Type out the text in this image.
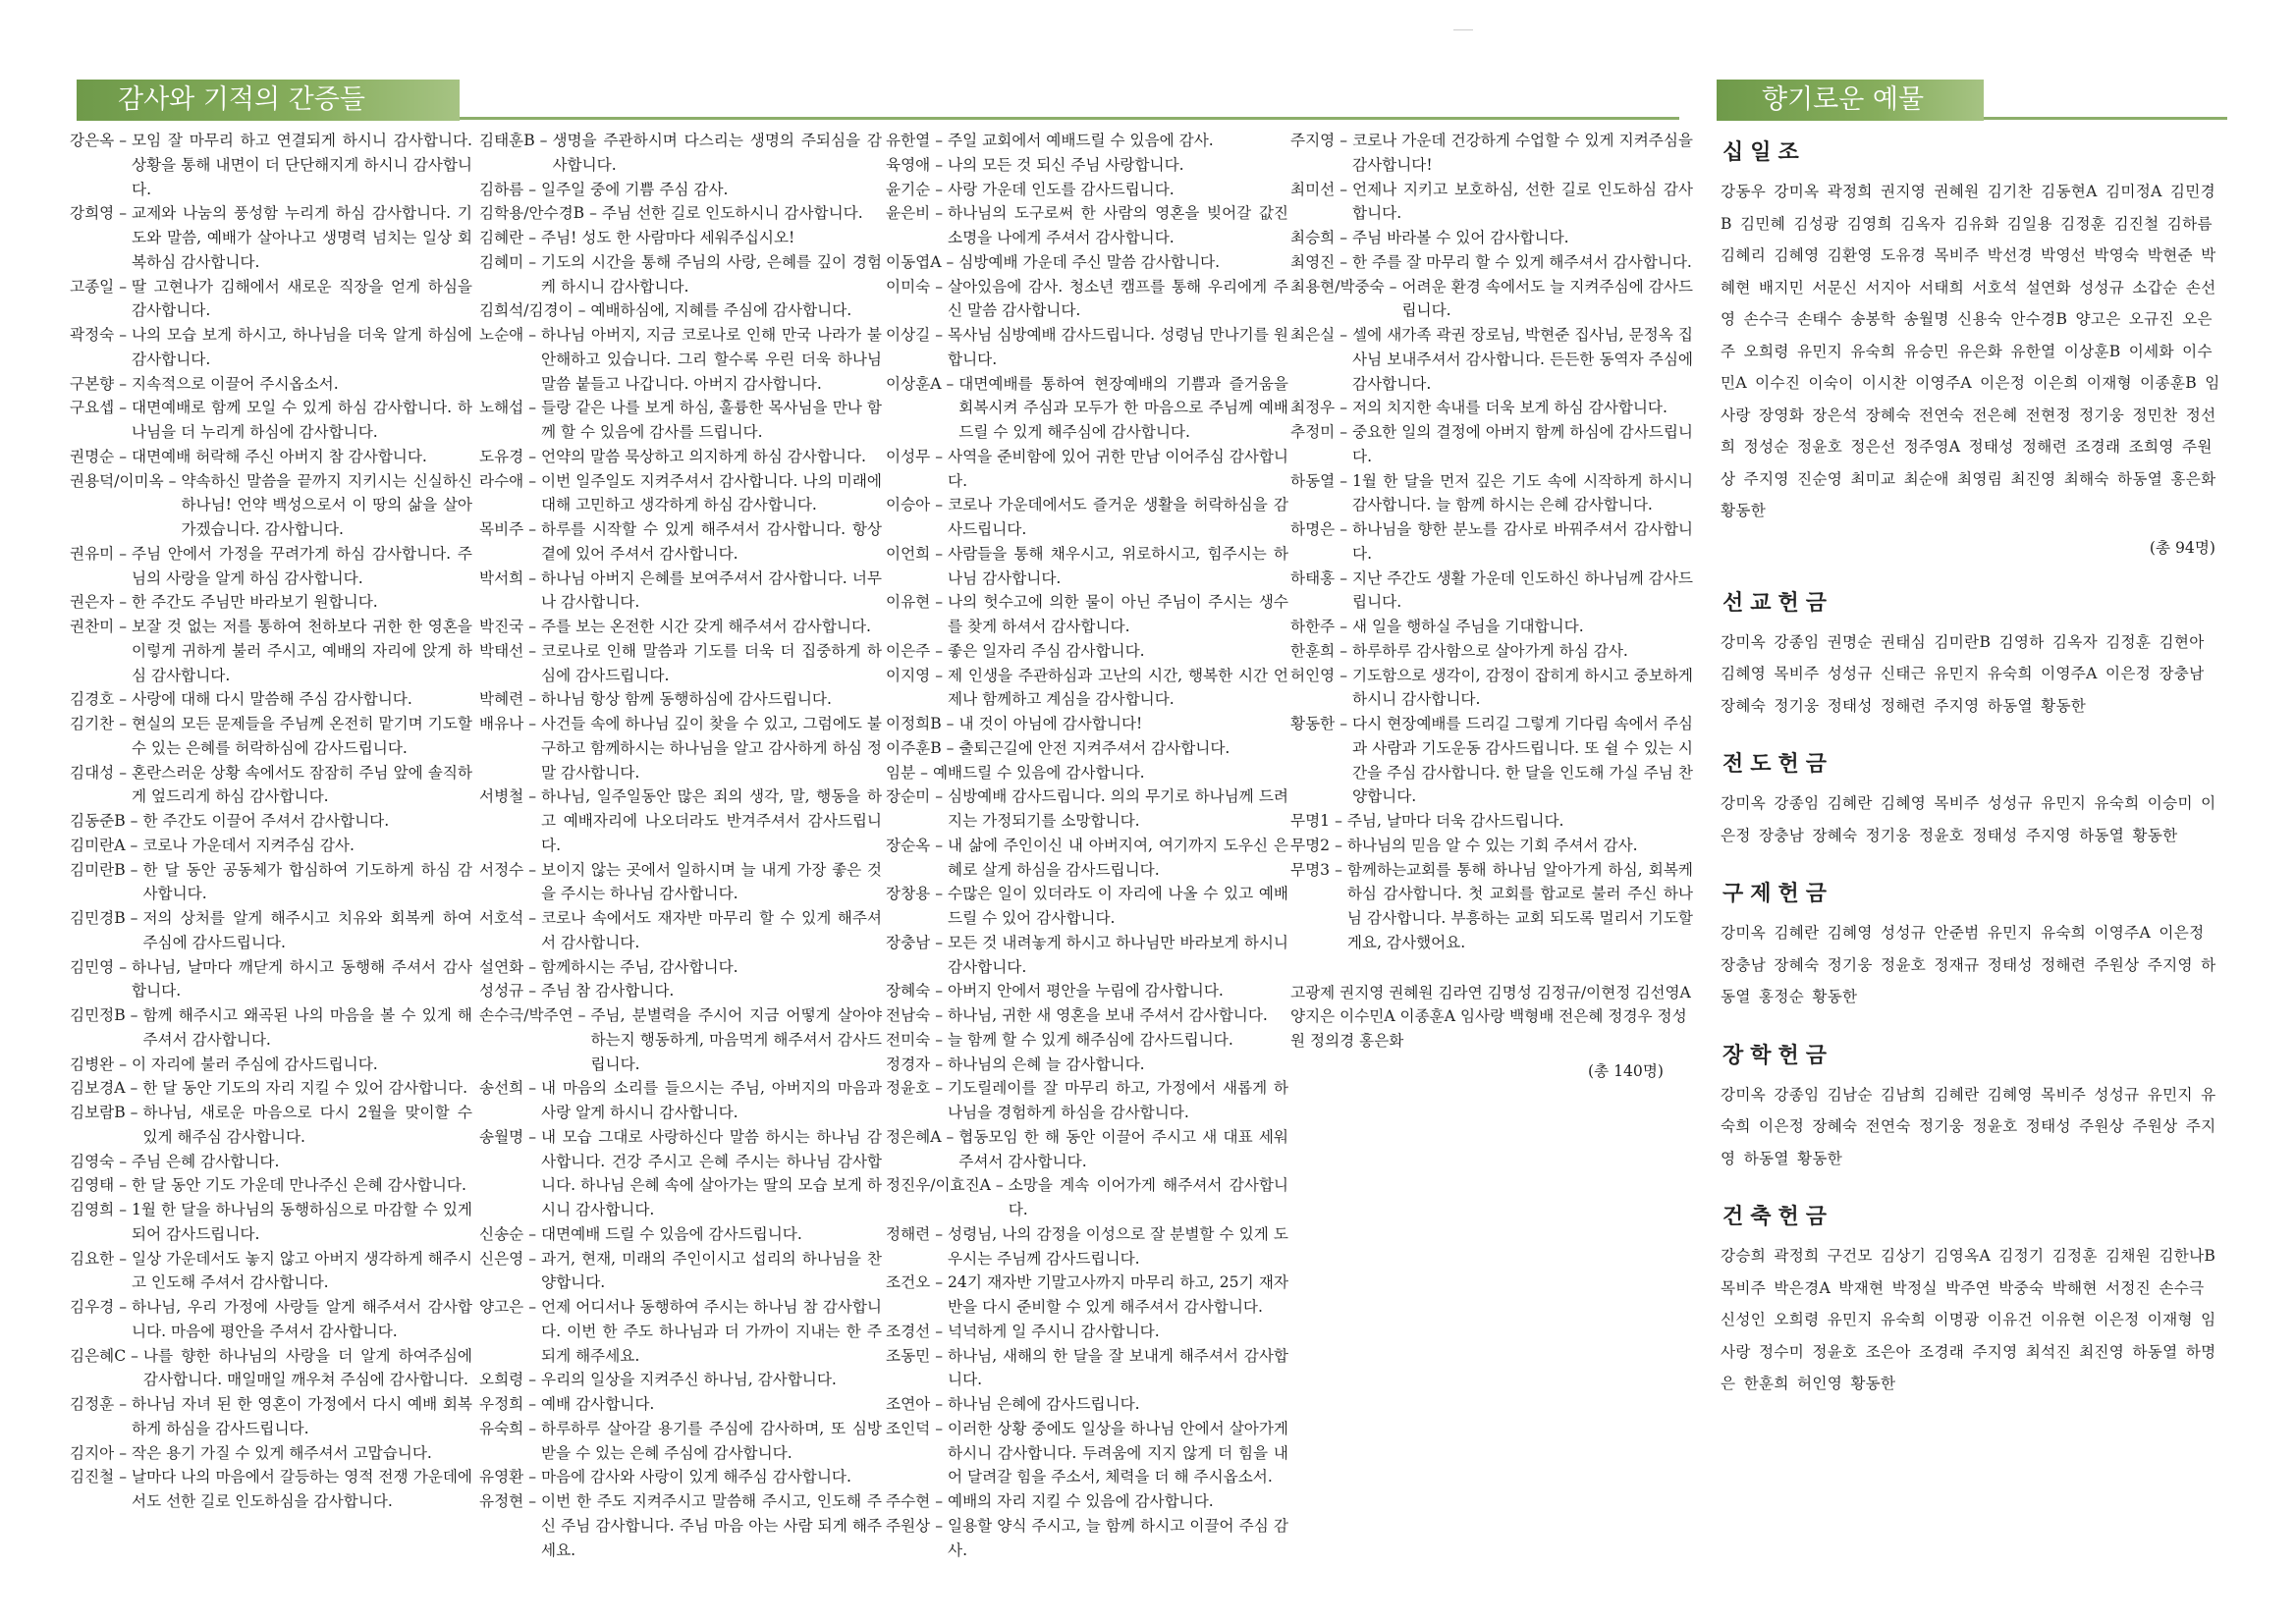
감사와 기적의 간증들	향기로운 예물
강은옥 – 모임 잘 마무리 하고 연결되게 하시니 감사합니다. 상황을 통해 내면이 더 단단해지게 하시니 감사합니다.
강희영 – 교제와 나눔의 풍성함 누리게 하심 감사합니다. 기도와 말씀, 예배가 살아나고 생명력 넘치는 일상 회복하심 감사합니다.
고종일 – 딸 고현나가 김해에서 새로운 직장을 얻게 하심을 감사합니다.
곽정숙 – 나의 모습 보게 하시고, 하나님을 더욱 알게 하심에 감사합니다.
구본향 – 지속적으로 이끌어 주시옵소서.
구요셉 – 대면예배로 함께 모일 수 있게 하심 감사합니다. 하나님을 더 누리게 하심에 감사합니다.
권명순 – 대면예배 허락해 주신 아버지 참 감사합니다.
권용덕/이미옥 – 약속하신 말씀을 끝까지 지키시는 신실하신 하나님! 언약 백성으로서 이 땅의 삶을 살아가겠습니다. 감사합니다.
권유미 – 주님 안에서 가정을 꾸려가게 하심 감사합니다. 주님의 사랑을 알게 하심 감사합니다.
권은자 – 한 주간도 주님만 바라보기 원합니다.
권찬미 – 보잘 것 없는 저를 통하여 천하보다 귀한 한 영혼을 이렇게 귀하게 불러 주시고, 예배의 자리에 앉게 하심 감사합니다.
김경호 – 사랑에 대해 다시 말씀해 주심 감사합니다.
김기찬 – 현실의 모든 문제들을 주님께 온전히 맡기며 기도할 수 있는 은혜를 허락하심에 감사드립니다.
김대성 – 혼란스러운 상황 속에서도 잠잠히 주님 앞에 솔직하게 엎드리게 하심 감사합니다.
김동준B – 한 주간도 이끌어 주셔서 감사합니다.
김미란A – 코로나 가운데서 지켜주심 감사.
김미란B – 한 달 동안 공동체가 합심하여 기도하게 하심 감사합니다.
김민경B – 저의 상처를 알게 해주시고 치유와 회복케 하여 주심에 감사드립니다.
김민영 – 하나님, 날마다 깨닫게 하시고 동행해 주셔서 감사합니다.
김민정B – 함께 해주시고 왜곡된 나의 마음을 볼 수 있게 해주셔서 감사합니다.
김병완 – 이 자리에 불러 주심에 감사드립니다.
김보경A – 한 달 동안 기도의 자리 지킬 수 있어 감사합니다.
김보람B – 하나님, 새로운 마음으로 다시 2월을 맞이할 수 있게 해주심 감사합니다.
김영숙 – 주님 은혜 감사합니다.
김영태 – 한 달 동안 기도 가운데 만나주신 은혜 감사합니다.
김영희 – 1월 한 달을 하나님의 동행하심으로 마감할 수 있게 되어 감사드립니다.
김요한 – 일상 가운데서도 놓지 않고 아버지 생각하게 해주시고 인도해 주셔서 감사합니다.
김우경 – 하나님, 우리 가정에 사랑들 알게 해주셔서 감사합니다. 마음에 평안을 주셔서 감사합니다.
김은혜C – 나를 향한 하나님의 사랑을 더 알게 하여주심에 감사합니다. 매일매일 깨우쳐 주심에 감사합니다.
김정훈 – 하나님 자녀 된 한 영혼이 가정에서 다시 예배 회복하게 하심을 감사드립니다.
김지아 – 작은 용기 가질 수 있게 해주셔서 고맙습니다.
김진철 – 날마다 나의 마음에서 갈등하는 영적 전쟁 가운데에서도 선한 길로 인도하심을 감사합니다.
김태훈B – 생명을 주관하시며 다스리는 생명의 주되심을 감사합니다.
김하름 – 일주일 중에 기쁨 주심 감사.
김학용/안수경B – 주님 선한 길로 인도하시니 감사합니다.
김혜란 – 주님! 성도 한 사람마다 세워주십시오!
김혜미 – 기도의 시간을 통해 주님의 사랑, 은혜를 깊이 경험케 하시니 감사합니다.
김희석/김경이 – 예배하심에, 지혜를 주심에 감사합니다.
노순애 – 하나님 아버지, 지금 코로나로 인해 만국 나라가 불안해하고 있습니다. 그리 할수록 우린 더욱 하나님 말씀 붙들고 나갑니다. 아버지 감사합니다.
노해섭 – 들랑 같은 나를 보게 하심, 훌륭한 목사님을 만나 함께 할 수 있음에 감사를 드립니다.
도유경 – 언약의 말씀 묵상하고 의지하게 하심 감사합니다.
라수애 – 이번 일주일도 지켜주셔서 감사합니다. 나의 미래에 대해 고민하고 생각하게 하심 감사합니다.
목비주 – 하루를 시작할 수 있게 해주셔서 감사합니다. 항상 곁에 있어 주셔서 감사합니다.
박서희 – 하나님 아버지 은혜를 보여주셔서 감사합니다. 너무나 감사합니다.
박진국 – 주를 보는 온전한 시간 갖게 해주셔서 감사합니다.
박태선 – 코로나로 인해 말씀과 기도를 더욱 더 집중하게 하심에 감사드립니다.
박혜련 – 하나님 항상 함께 동행하심에 감사드립니다.
배유나 – 사건들 속에 하나님 깊이 찾을 수 있고, 그럼에도 불구하고 함께하시는 하나님을 알고 감사하게 하심 정말 감사합니다.
서병철 – 하나님, 일주일동안 많은 죄의 생각, 말, 행동을 하고 예배자리에 나오더라도 반겨주셔서 감사드립니다.
서정수 – 보이지 않는 곳에서 일하시며 늘 내게 가장 좋은 것을 주시는 하나님 감사합니다.
서호석 – 코로나 속에서도 재자반 마무리 할 수 있게 해주셔서 감사합니다.
설연화 – 함께하시는 주님, 감사합니다.
성성규 – 주님 참 감사합니다.
손수극/박주연 – 주님, 분별력을 주시어 지금 어떻게 살아야 하는지 행동하게, 마음먹게 해주셔서 감사드립니다.
송선희 – 내 마음의 소리를 들으시는 주님, 아버지의 마음과 사랑 알게 하시니 감사합니다.
송월명 – 내 모습 그대로 사랑하신다 말씀 하시는 하나님 감사합니다. 건강 주시고 은혜 주시는 하나님 감사합니다. 하나님 은혜 속에 살아가는 딸의 모습 보게 하시니 감사합니다.
신송순 – 대면예배 드릴 수 있음에 감사드립니다.
신은영 – 과거, 현재, 미래의 주인이시고 섭리의 하나님을 찬양합니다.
양고은 – 언제 어디서나 동행하여 주시는 하나님 참 감사합니다. 이번 한 주도 하나님과 더 가까이 지내는 한 주 되게 해주세요.
오희령 – 우리의 일상을 지켜주신 하나님, 감사합니다.
우정희 – 예배 감사합니다.
유숙희 – 하루하루 살아갈 용기를 주심에 감사하며, 또 심방 받을 수 있는 은혜 주심에 감사합니다.
유영환 – 마음에 감사와 사랑이 있게 해주심 감사합니다.
유정현 – 이번 한 주도 지켜주시고 말씀해 주시고, 인도해 주신 주님 감사합니다. 주님 마음 아는 사람 되게 해주세요.
유한열 – 주일 교회에서 예배드릴 수 있음에 감사.
육영애 – 나의 모든 것 되신 주님 사랑합니다.
윤기순 – 사랑 가운데 인도를 감사드립니다.
윤은비 – 하나님의 도구로써 한 사람의 영혼을 빚어갈 값진 소명을 나에게 주셔서 감사합니다.
이동엽A – 심방예배 가운데 주신 말씀 감사합니다.
이미숙 – 살아있음에 감사. 청소년 캠프를 통해 우리에게 주신 말씀 감사합니다.
이상길 – 목사님 심방예배 감사드립니다. 성령님 만나기를 원합니다.
이상훈A – 대면예배를 통하여 현장예배의 기쁨과 즐거움을 회복시켜 주심과 모두가 한 마음으로 주님께 예배드릴 수 있게 해주심에 감사합니다.
이성무 – 사역을 준비함에 있어 귀한 만남 이어주심 감사합니다.
이승아 – 코로나 가운데에서도 즐거운 생활을 허락하심을 감사드립니다.
이언희 – 사람들을 통해 채우시고, 위로하시고, 힘주시는 하나님 감사합니다.
이유현 – 나의 헛수고에 의한 물이 아닌 주님이 주시는 생수를 찾게 하셔서 감사합니다.
이은주 – 좋은 일자리 주심 감사합니다.
이지영 – 제 인생을 주관하심과 고난의 시간, 행복한 시간 언제나 함께하고 계심을 감사합니다.
이정희B – 내 것이 아님에 감사합니다!
이주훈B – 출퇴근길에 안전 지켜주셔서 감사합니다.
임분 – 예배드릴 수 있음에 감사합니다.
장순미 – 심방예배 감사드립니다. 의의 무기로 하나님께 드려지는 가정되기를 소망합니다.
장순옥 – 내 삶에 주인이신 내 아버지여, 여기까지 도우신 은혜로 살게 하심을 감사드립니다.
장창용 – 수많은 일이 있더라도 이 자리에 나올 수 있고 예배드릴 수 있어 감사합니다.
장충남 – 모든 것 내려놓게 하시고 하나님만 바라보게 하시니 감사합니다.
장혜숙 – 아버지 안에서 평안을 누림에 감사합니다.
전남숙 – 하나님, 귀한 새 영혼을 보내 주셔서 감사합니다.
전미숙 – 늘 함께 할 수 있게 해주심에 감사드립니다.
정경자 – 하나님의 은혜 늘 감사합니다.
정윤호 – 기도릴레이를 잘 마무리 하고, 가정에서 새롭게 하나님을 경험하게 하심을 감사합니다.
정은혜A – 협동모임 한 해 동안 이끌어 주시고 새 대표 세워주셔서 감사합니다.
정진우/이효진A – 소망을 계속 이어가게 해주셔서 감사합니다.
정해련 – 성령님, 나의 감정을 이성으로 잘 분별할 수 있게 도우시는 주님께 감사드립니다.
조건오 – 24기 재자반 기말고사까지 마무리 하고, 25기 재자반을 다시 준비할 수 있게 해주셔서 감사합니다.
조경선 – 넉넉하게 일 주시니 감사합니다.
조동민 – 하나님, 새해의 한 달을 잘 보내게 해주셔서 감사합니다.
조연아 – 하나님 은혜에 감사드립니다.
조인덕 – 이러한 상황 중에도 일상을 하나님 안에서 살아가게 하시니 감사합니다. 두려움에 지지 않게 더 힘을 내어 달려갈 힘을 주소서, 체력을 더 해 주시옵소서.
주수현 – 예배의 자리 지킬 수 있음에 감사합니다.
주원상 – 일용할 양식 주시고, 늘 함께 하시고 이끌어 주심 감사.
주지영 – 코로나 가운데 건강하게 수업할 수 있게 지켜주심을 감사합니다!
최미선 – 언제나 지키고 보호하심, 선한 길로 인도하심 감사합니다.
최승희 – 주님 바라볼 수 있어 감사합니다.
최영진 – 한 주를 잘 마무리 할 수 있게 해주셔서 감사합니다.
최용현/박중숙 – 어려운 환경 속에서도 늘 지켜주심에 감사드립니다.
최은실 – 셀에 새가족 곽권 장로님, 박현준 집사님, 문정옥 집사님 보내주셔서 감사합니다. 든든한 동역자 주심에 감사합니다.
최정우 – 저의 치지한 속내를 더욱 보게 하심 감사합니다.
추정미 – 중요한 일의 결정에 아버지 함께 하심에 감사드립니다.
하동열 – 1월 한 달을 먼저 깊은 기도 속에 시작하게 하시니 감사합니다. 늘 함께 하시는 은혜 감사합니다.
하명은 – 하나님을 향한 분노를 감사로 바꿔주셔서 감사합니다.
하태홍 – 지난 주간도 생활 가운데 인도하신 하나님께 감사드립니다.
하한주 – 새 일을 행하실 주님을 기대합니다.
한훈희 – 하루하루 감사함으로 살아가게 하심 감사.
허인영 – 기도함으로 생각이, 감정이 잡히게 하시고 중보하게 하시니 감사합니다.
황동한 – 다시 현장예배를 드리길 그렇게 기다림 속에서 주심과 사람과 기도운동 감사드립니다. 또 쉴 수 있는 시간을 주심 감사합니다. 한 달을 인도해 가실 주님 찬양합니다.
무명1 – 주님, 날마다 더욱 감사드립니다.
무명2 – 하나님의 믿음 알 수 있는 기회 주셔서 감사.
무명3 – 함께하는교회를 통해 하나님 알아가게 하심, 회복케 하심 감사합니다. 첫 교회를 합교로 불러 주신 하나님 감사합니다. 부흥하는 교회 되도록 멀리서 기도할게요, 감사했어요.
고광제 권지영 권혜원 김라연 김명성 김정규/이현정 김선영A 양지은 이수민A 이종훈A 임사랑 백형배 전은혜 정경우 정성원 정의경 홍은화
(총 140명)
십일조
강동우 강미옥 곽정희 권지영 권혜원 김기찬 김동현A 김미정A 김민경B 김민혜 김성광 김영희 김옥자 김유화 김일용 김정훈 김진철 김하름 김혜리 김혜영 김환영 도유경 목비주 박선경 박영선 박영숙 박현준 박혜현 배지민 서문신 서지아 서태희 서호석 설연화 성성규 소갑순 손선영 손수극 손태수 송봉학 송월명 신용숙 안수경B 양고은 오규진 오은주 오희령 유민지 유숙희 유승민 유은화 유한열 이상훈B 이세화 이수민A 이수진 이숙이 이시찬 이영주A 이은정 이은희 이재형 이종훈B 임사랑 장영화 장은석 장혜숙 전연숙 전은혜 전현정 정기웅 정민찬 정선희 정성순 정윤호 정은선 정주영A 정태성 정해련 조경래 조희영 주원상 주지영 진순영 최미교 최순애 최영림 최진영 최해숙 하동열 홍은화 황동한
(총 94명)
선교헌금
강미옥 강종임 권명순 권태심 김미란B 김영하 김옥자 김정훈 김현아 김혜영 목비주 성성규 신태근 유민지 유숙희 이영주A 이은정 장충남 장혜숙 정기웅 정태성 정해련 주지영 하동열 황동한
전도헌금
강미옥 강종임 김혜란 김혜영 목비주 성성규 유민지 유숙희 이승미 이은정 장충남 장혜숙 정기웅 정윤호 정태성 주지영 하동열 황동한
구제헌금
강미옥 김혜란 김혜영 성성규 안준범 유민지 유숙희 이영주A 이은정 장충남 장혜숙 정기웅 정윤호 정재규 정태성 정해련 주원상 주지영 하동열 홍정순 황동한
장학헌금
강미옥 강종임 김남순 김남희 김혜란 김혜영 목비주 성성규 유민지 유숙희 이은정 장혜숙 전연숙 정기웅 정윤호 정태성 주원상 주원상 주지영 하동열 황동한
건축헌금
강승희 곽정희 구건모 김상기 김영옥A 김정기 김정훈 김채원 김한나B 목비주 박은경A 박재현 박정실 박주연 박중숙 박해현 서정진 손수극 신성인 오희령 유민지 유숙희 이명광 이유건 이유현 이은정 이재형 임사랑 정수미 정윤호 조은아 조경래 주지영 최석진 최진영 하동열 하명은 한훈희 허인영 황동한
